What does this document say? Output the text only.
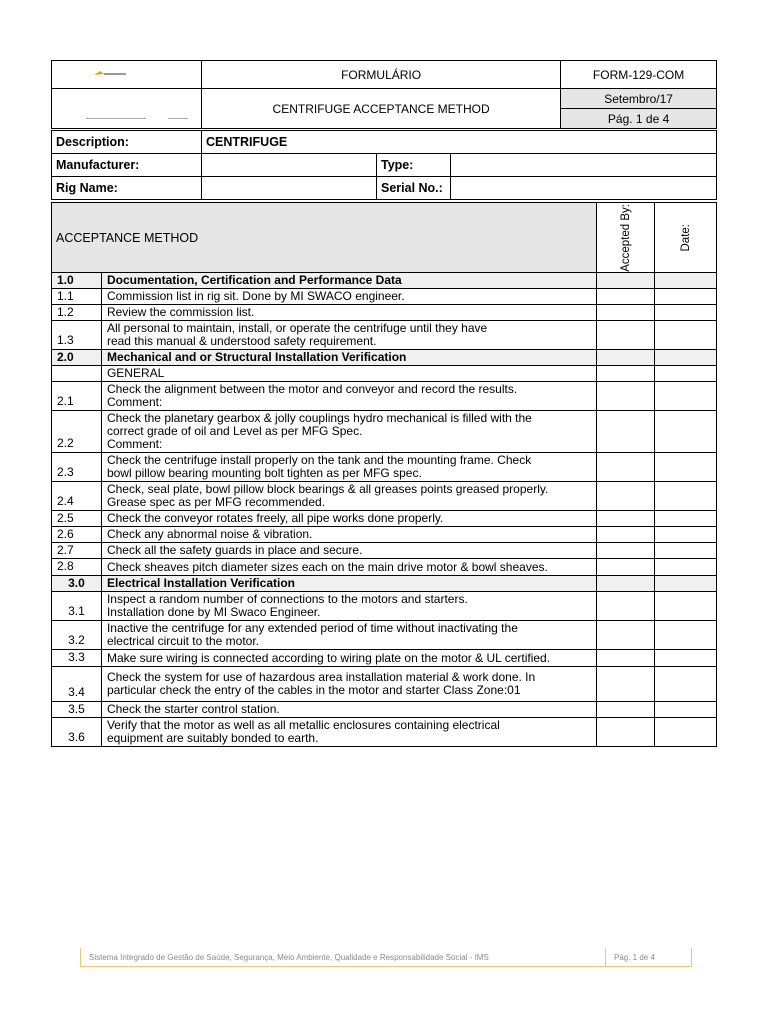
	FORMULÁRIO	FORM-129-COM
	CENTRIFUGE ACCEPTANCE METHOD	Setembro/17
		Pág. 1 de 4
Description:	CENTRIFUGE		
Manufacturer:		Type:	
Rig Name:		Serial No.:	
ACCEPTANCE METHOD	Accepted By:	Date:
1.0	Documentation, Certification and Performance Data		
1.1	Commission list in rig sit. Done by MI SWACO engineer.		
1.2	Review the commission list.		
1.3	All personal to maintain, install, or operate the centrifuge until they have
read this manual & understood safety requirement.		
2.0	Mechanical and or Structural Installation Verification		
	GENERAL		
2.1	Check the alignment between the motor and conveyor and record the results.
Comment:		
2.2	Check the planetary gearbox & jolly couplings hydro mechanical is filled with the
correct grade of oil and Level as per MFG Spec.
Comment:

2.3	Check the centrifuge install properly on the tank and the mounting frame. Check
bowl pillow bearing mounting bolt tighten as per MFG spec.		
2.4	Check, seal plate, bowl pillow block bearings & all greases points greased properly.
Grease spec as per MFG recommended.		
2.5	Check the conveyor rotates freely, all pipe works done properly.		
2.6	Check any abnormal noise & vibration.		
2.7	Check all the safety guards in place and secure.		
2.8	Check sheaves pitch diameter sizes each on the main drive motor & bowl sheaves.

3.0	Electrical Installation Verification		
3.1	Inspect a random number of connections to the motors and starters.
Installation done by MI Swaco Engineer.		
3.2	Inactive the centrifuge for any extended period of time without inactivating the
electrical circuit to the motor.		
3.3	Make sure wiring is connected according to wiring plate on the motor & UL certified.

3.4	Check the system for use of hazardous area installation material & work done. In
particular check the entry of the cables in the motor and starter Class Zone:01		
3.5	Check the starter control station.		
3.6	Verify that the motor as well as all metallic enclosures containing electrical
equipment are suitably bonded to earth.		
Sistema Integrado de Gestão de Saúde, Segurança, Meio Ambiente, Qualidade e Responsabilidade Social - IMS	Pág. 1 de 4
